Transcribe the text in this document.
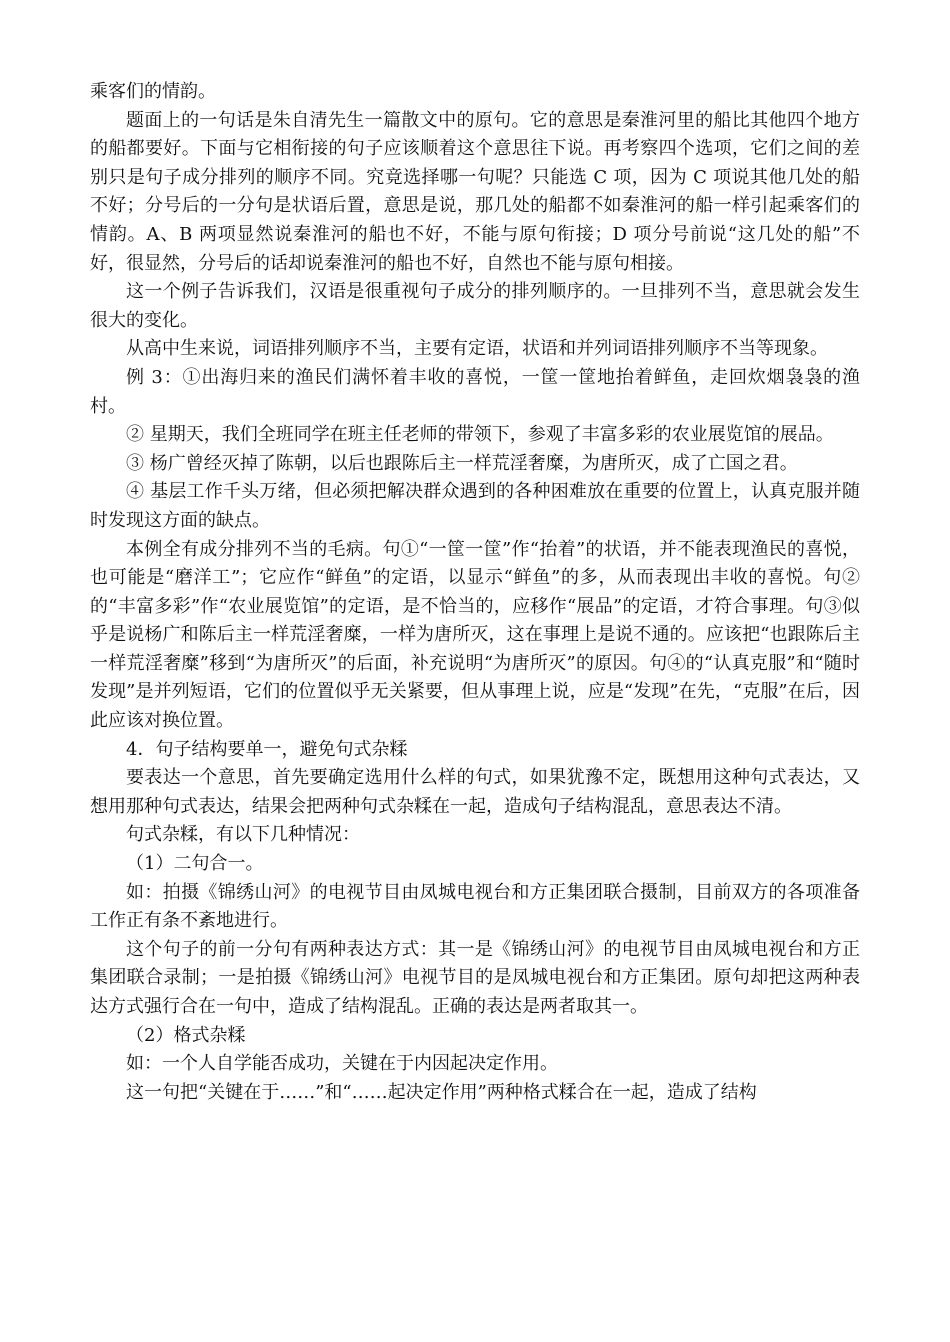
乘客们的情韵。

题面上的一句话是朱自清先生一篇散文中的原句。它的意思是秦淮河里的船比其他四个地方的船都要好。下面与它相衔接的句子应该顺着这个意思往下说。再考察四个选项，它们之间的差别只是句子成分排列的顺序不同。究竟选择哪一句呢？只能选 C 项，因为 C 项说其他几处的船不好；分号后的一分句是状语后置，意思是说，那几处的船都不如秦淮河的船一样引起乘客们的情韵。A、B 两项显然说秦淮河的船也不好，不能与原句衔接；D 项分号前说“这几处的船”不好，很显然，分号后的话却说秦淮河的船也不好，自然也不能与原句相接。

这一个例子告诉我们，汉语是很重视句子成分的排列顺序的。一旦排列不当，意思就会发生很大的变化。

从高中生来说，词语排列顺序不当，主要有定语，状语和并列词语排列顺序不当等现象。

例 3：①出海归来的渔民们满怀着丰收的喜悦，一筐一筐地抬着鲜鱼，走回炊烟袅袅的渔村。

② 星期天，我们全班同学在班主任老师的带领下，参观了丰富多彩的农业展览馆的展品。

③ 杨广曾经灭掉了陈朝，以后也跟陈后主一样荒淫奢糜，为唐所灭，成了亡国之君。

④ 基层工作千头万绪，但必须把解决群众遇到的各种困难放在重要的位置上，认真克服并随时发现这方面的缺点。

本例全有成分排列不当的毛病。句①“一筐一筐”作“抬着”的状语，并不能表现渔民的喜悦，也可能是“磨洋工”；它应作“鲜鱼”的定语，以显示“鲜鱼”的多，从而表现出丰收的喜悦。句②的“丰富多彩”作“农业展览馆”的定语，是不恰当的，应移作“展品”的定语，才符合事理。句③似乎是说杨广和陈后主一样荒淫奢糜，一样为唐所灭，这在事理上是说不通的。应该把“也跟陈后主一样荒淫奢糜”移到“为唐所灭”的后面，补充说明“为唐所灭”的原因。句④的“认真克服”和“随时发现”是并列短语，它们的位置似乎无关紧要，但从事理上说，应是“发现”在先，“克服”在后，因此应该对换位置。

4．句子结构要单一，避免句式杂糅

要表达一个意思，首先要确定选用什么样的句式，如果犹豫不定，既想用这种句式表达，又想用那种句式表达，结果会把两种句式杂糅在一起，造成句子结构混乱，意思表达不清。

句式杂糅，有以下几种情况：

（1）二句合一。

如：拍摄《锦绣山河》的电视节目由凤城电视台和方正集团联合摄制，目前双方的各项准备工作正有条不紊地进行。

这个句子的前一分句有两种表达方式：其一是《锦绣山河》的电视节目由凤城电视台和方正集团联合录制；一是拍摄《锦绣山河》电视节目的是凤城电视台和方正集团。原句却把这两种表达方式强行合在一句中，造成了结构混乱。正确的表达是两者取其一。

（2）格式杂糅

如：一个人自学能否成功，关键在于内因起决定作用。

这一句把“关键在于……”和“……起决定作用”两种格式糅合在一起，造成了结构
